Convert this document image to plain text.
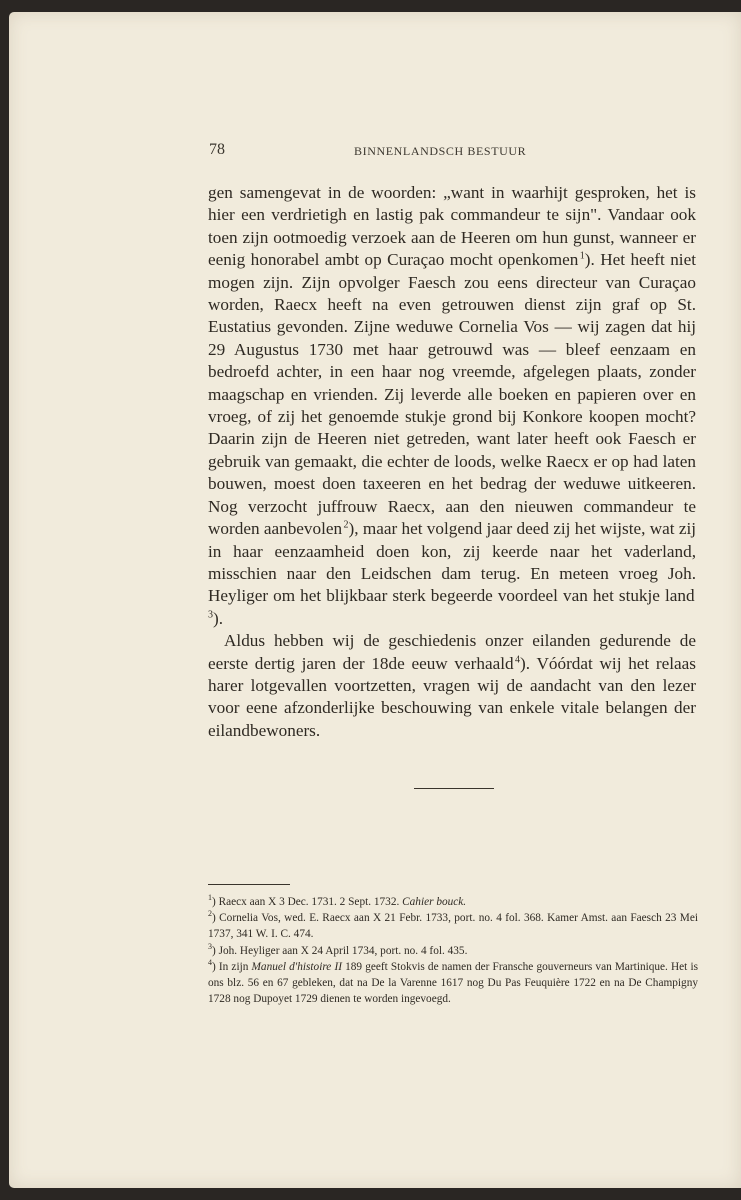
78	BINNENLANDSCH BESTUUR

gen samengevat in de woorden: „want in waarhijt gesproken, het is hier een verdrietigh en lastig pak commandeur te sijn". Vandaar ook toen zijn ootmoedig verzoek aan de Heeren om hun gunst, wanneer er eenig honorabel ambt op Curaçao mocht openkomen $^1$). Het heeft niet mogen zijn. Zijn opvolger Faesch zou eens directeur van Curaçao worden, Raecx heeft na even getrouwen dienst zijn graf op St. Eustatius gevonden. Zijne weduwe Cornelia Vos — wij zagen dat hij 29 Augustus 1730 met haar getrouwd was — bleef eenzaam en bedroefd achter, in een haar nog vreemde, afgelegen plaats, zonder maagschap en vrienden. Zij leverde alle boeken en papieren over en vroeg, of zij het genoemde stukje grond bij Konkore koopen mocht? Daarin zijn de Heeren niet getreden, want later heeft ook Faesch er gebruik van gemaakt, die echter de loods, welke Raecx er op had laten bouwen, moest doen taxeeren en het bedrag der weduwe uitkeeren. Nog verzocht juffrouw Raecx, aan den nieuwen commandeur te worden aanbevolen $^2$), maar het volgend jaar deed zij het wijste, wat zij in haar eenzaamheid doen kon, zij keerde naar het vaderland, misschien naar den Leidschen dam terug. En meteen vroeg Joh. Heyliger om het blijkbaar sterk begeerde voordeel van het stukje land $^3$).

Aldus hebben wij de geschiedenis onzer eilanden gedurende de eerste dertig jaren der 18de eeuw verhaald $^4$). Vóórdat wij het relaas harer lotgevallen voortzetten, vragen wij de aandacht van den lezer voor eene afzonderlijke beschouwing van enkele vitale belangen der eilandbewoners.

$^1$) Raecx aan X 3 Dec. 1731. 2 Sept. 1732. Cahier bouck.

$^2$) Cornelia Vos, wed. E. Raecx aan X 21 Febr. 1733, port. no. 4 fol. 368. Kamer Amst. aan Faesch 23 Mei 1737, 341 W. I. C. 474.

$^3$) Joh. Heyliger aan X 24 April 1734, port. no. 4 fol. 435.

$^4$) In zijn Manuel d'histoire II 189 geeft Stokvis de namen der Fransche gouverneurs van Martinique. Het is ons blz. 56 en 67 gebleken, dat na De la Varenne 1617 nog Du Pas Feuquière 1722 en na De Champigny 1728 nog Dupoyet 1729 dienen te worden ingevoegd.
